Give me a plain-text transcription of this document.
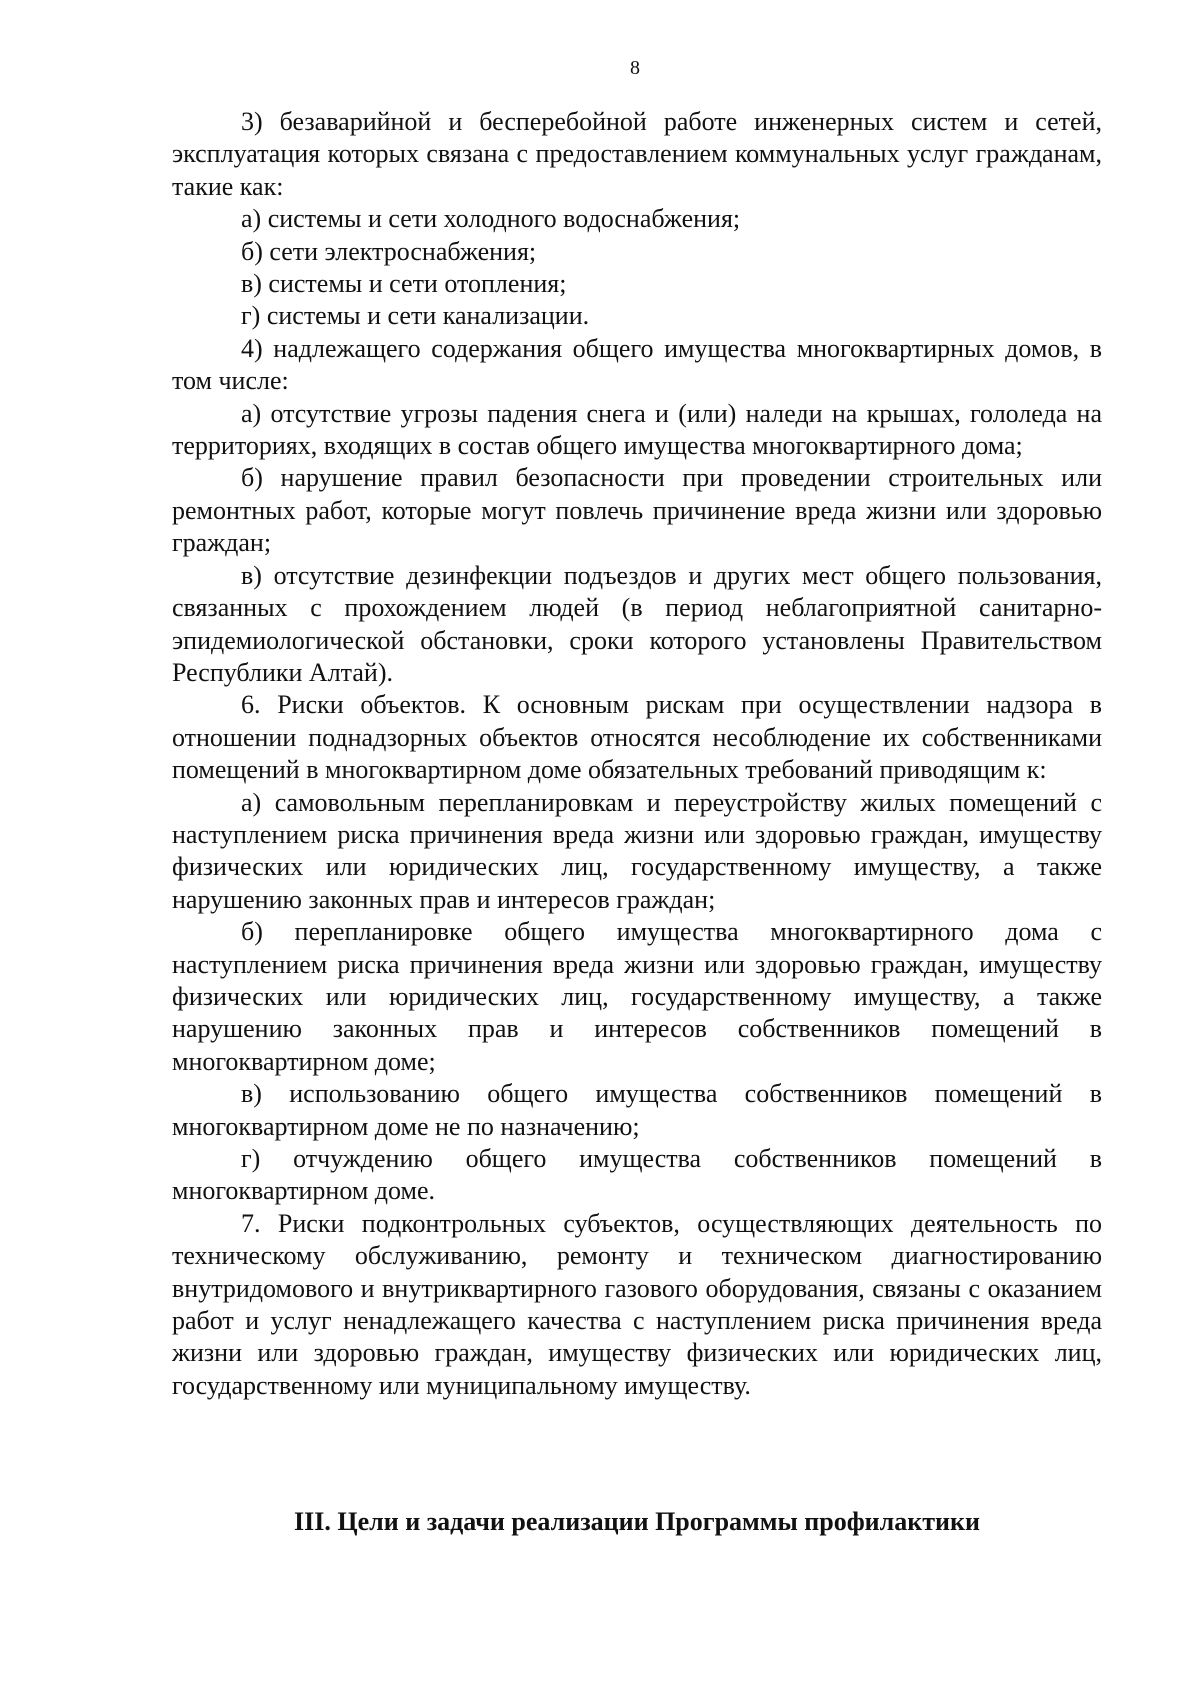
8

3) безаварийной и бесперебойной работе инженерных систем и сетей, эксплуатация которых связана с предоставлением коммунальных услуг гражданам, такие как:

а) системы и сети холодного водоснабжения;

б) сети электроснабжения;

в) системы и сети отопления;

г) системы и сети канализации.

4) надлежащего содержания общего имущества многоквартирных домов, в том числе:

а) отсутствие угрозы падения снега и (или) наледи на крышах, гололеда на территориях, входящих в состав общего имущества многоквартирного дома;

б) нарушение правил безопасности при проведении строительных или ремонтных работ, которые могут повлечь причинение вреда жизни или здоровью граждан;

в) отсутствие дезинфекции подъездов и других мест общего пользования, связанных с прохождением людей (в период неблагоприятной санитарно-эпидемиологической обстановки, сроки которого установлены Правительством Республики Алтай).

6. Риски объектов. К основным рискам при осуществлении надзора в отношении поднадзорных объектов относятся несоблюдение их собственниками помещений в многоквартирном доме обязательных требований приводящим к:

а) самовольным перепланировкам и переустройству жилых помещений с наступлением риска причинения вреда жизни или здоровью граждан, имуществу физических или юридических лиц, государственному имуществу, а также нарушению законных прав и интересов граждан;

б) перепланировке общего имущества многоквартирного дома с наступлением риска причинения вреда жизни или здоровью граждан, имуществу физических или юридических лиц, государственному имуществу, а также нарушению законных прав и интересов собственников помещений в многоквартирном доме;

в) использованию общего имущества собственников помещений в многоквартирном доме не по назначению;

г) отчуждению общего имущества собственников помещений в многоквартирном доме.

7. Риски подконтрольных субъектов, осуществляющих деятельность по техническому обслуживанию, ремонту и техническом диагностированию внутридомового и внутриквартирного газового оборудования, связаны с оказанием работ и услуг ненадлежащего качества с наступлением риска причинения вреда жизни или здоровью граждан, имуществу физических или юридических лиц, государственному или муниципальному имуществу.

III. Цели и задачи реализации Программы профилактики
